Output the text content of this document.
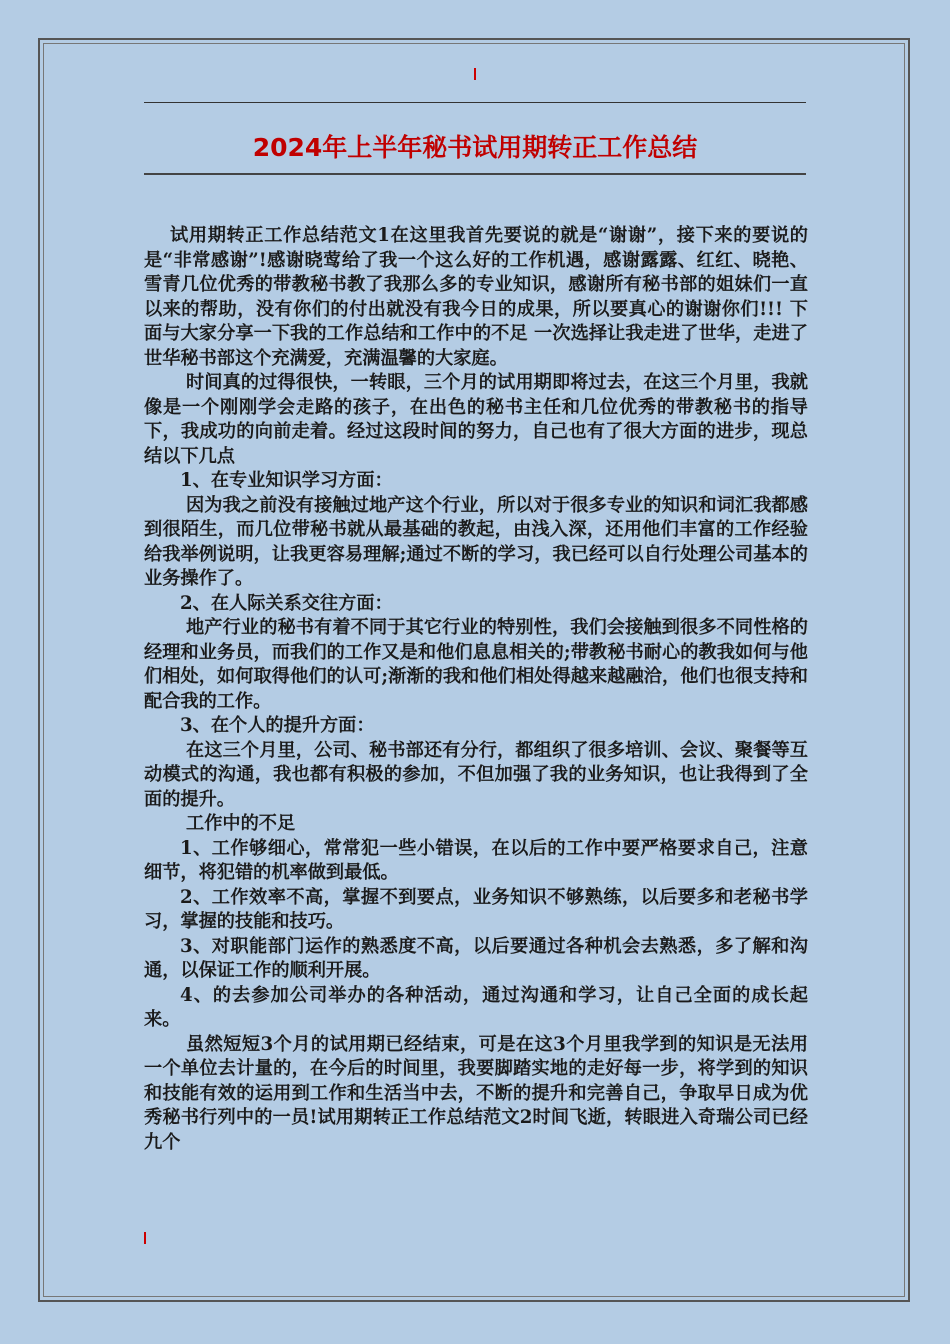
2024年上半年秘书试用期转正工作总结

试用期转正工作总结范文1在这里我首先要说的就是“谢谢”，接下来的要说的是“非常感谢”!感谢晓莺给了我一个这么好的工作机遇，感谢露露、红红、晓艳、雪青几位优秀的带教秘书教了我那么多的专业知识，感谢所有秘书部的姐妹们一直以来的帮助，没有你们的付出就没有我今日的成果，所以要真心的谢谢你们!!! 下面与大家分享一下我的工作总结和工作中的不足 一次选择让我走进了世华，走进了世华秘书部这个充满爱，充满温馨的大家庭。

时间真的过得很快，一转眼，三个月的试用期即将过去，在这三个月里，我就像是一个刚刚学会走路的孩子，在出色的秘书主任和几位优秀的带教秘书的指导下，我成功的向前走着。经过这段时间的努力，自己也有了很大方面的进步，现总结以下几点

1、在专业知识学习方面：

因为我之前没有接触过地产这个行业，所以对于很多专业的知识和词汇我都感到很陌生，而几位带秘书就从最基础的教起，由浅入深，还用他们丰富的工作经验给我举例说明，让我更容易理解;通过不断的学习，我已经可以自行处理公司基本的业务操作了。

2、在人际关系交往方面：

地产行业的秘书有着不同于其它行业的特别性，我们会接触到很多不同性格的经理和业务员，而我们的工作又是和他们息息相关的;带教秘书耐心的教我如何与他们相处，如何取得他们的认可;渐渐的我和他们相处得越来越融洽，他们也很支持和配合我的工作。

3、在个人的提升方面：

在这三个月里，公司、秘书部还有分行，都组织了很多培训、会议、聚餐等互动模式的沟通，我也都有积极的参加，不但加强了我的业务知识，也让我得到了全面的提升。

工作中的不足

1、工作够细心，常常犯一些小错误，在以后的工作中要严格要求自己，注意细节，将犯错的机率做到最低。

2、工作效率不高，掌握不到要点，业务知识不够熟练，以后要多和老秘书学习，掌握的技能和技巧。

3、对职能部门运作的熟悉度不高，以后要通过各种机会去熟悉，多了解和沟通，以保证工作的顺利开展。

4、的去参加公司举办的各种活动，通过沟通和学习，让自己全面的成长起来。

虽然短短3个月的试用期已经结束，可是在这3个月里我学到的知识是无法用一个单位去计量的，在今后的时间里，我要脚踏实地的走好每一步，将学到的知识和技能有效的运用到工作和生活当中去，不断的提升和完善自己，争取早日成为优秀秘书行列中的一员!试用期转正工作总结范文2时间飞逝，转眼进入奇瑞公司已经九个
